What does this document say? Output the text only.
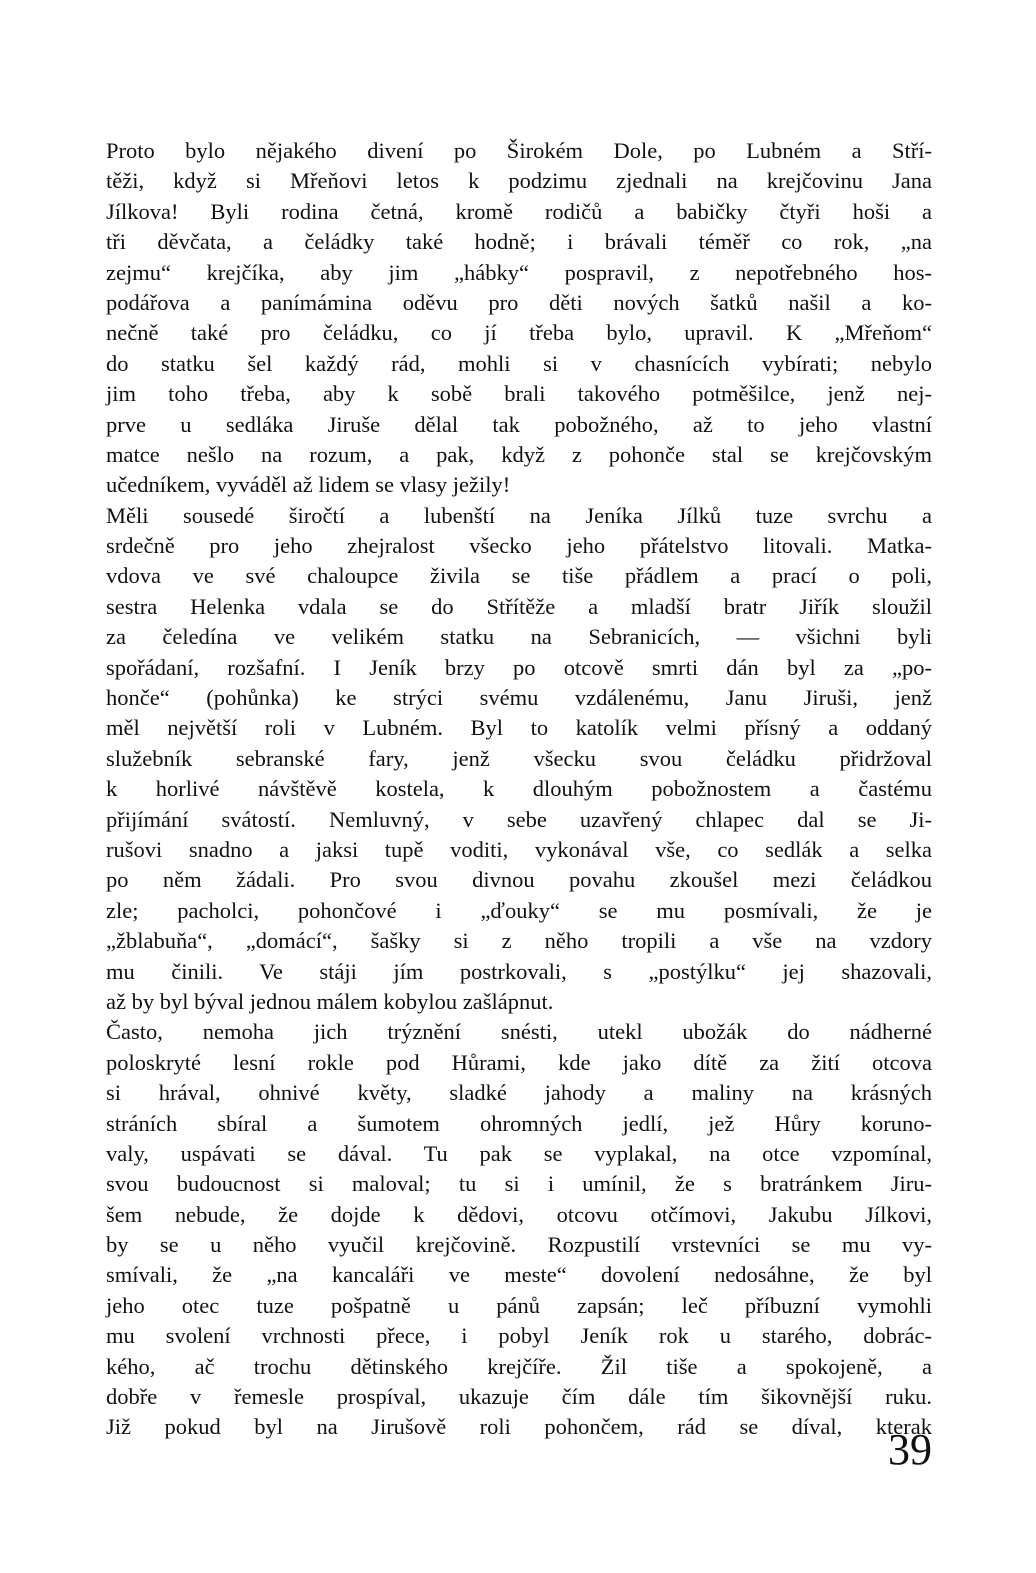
Proto bylo nějakého divení po Širokém Dole, po Lubném a Stří-
těži, když si Mřeňovi letos k podzimu zjednali na krejčovinu Jana
Jílkova! Byli rodina četná, kromě rodičů a babičky čtyři hoši a
tři děvčata, a čeládky také hodně; i brávali téměř co rok, „na
zejmu“ krejčíka, aby jim „hábky“ pospravil, z nepotřebného hos-
podářova a panímámina oděvu pro děti nových šatků našil a ko-
nečně také pro čeládku, co jí třeba bylo, upravil. K „Mřeňom“
do statku šel každý rád, mohli si v chasnících vybírati; nebylo
jim toho třeba, aby k sobě brali takového potměšilce, jenž nej-
prve u sedláka Jiruše dělal tak pobožného, až to jeho vlastní
matce nešlo na rozum, a pak, když z pohonče stal se krejčovským
učedníkem, vyváděl až lidem se vlasy ježily!
Měli sousedé širočtí a lubenští na Jeníka Jílků tuze svrchu a
srdečně pro jeho zhejralost všecko jeho přátelstvo litovali. Matka-
vdova ve své chaloupce živila se tiše přádlem a prací o poli,
sestra Helenka vdala se do Střítěže a mladší bratr Jiřík sloužil
za čeledína ve velikém statku na Sebranicích, — všichni byli
spořádaní, rozšafní. I Jeník brzy po otcově smrti dán byl za „po-
honče“ (pohůnka) ke strýci svému vzdálenému, Janu Jiruši, jenž
měl největší roli v Lubném. Byl to katolík velmi přísný a oddaný
služebník sebranské fary, jenž všecku svou čeládku přidržoval
k horlivé návštěvě kostela, k dlouhým pobožnostem a častému
přijímání svátostí. Nemluvný, v sebe uzavřený chlapec dal se Ji-
rušovi snadno a jaksi tupě voditi, vykonával vše, co sedlák a selka
po něm žádali. Pro svou divnou povahu zkoušel mezi čeládkou
zle; pacholci, pohončové i „ďouky“ se mu posmívali, že je
„žblabuňa“, „domácí“, šašky si z něho tropili a vše na vzdory
mu činili. Ve stáji jím postrkovali, s „postýlku“ jej shazovali,
až by byl býval jednou málem kobylou zašlápnut.
Často, nemoha jich trýznění snésti, utekl ubožák do nádherné
poloskryté lesní rokle pod Hůrami, kde jako dítě za žití otcova
si hrával, ohnivé květy, sladké jahody a maliny na krásných
stráních sbíral a šumotem ohromných jedlí, jež Hůry koruno-
valy, uspávati se dával. Tu pak se vyplakal, na otce vzpomínal,
svou budoucnost si maloval; tu si i umínil, že s bratránkem Jiru-
šem nebude, že dojde k dědovi, otcovu otčímovi, Jakubu Jílkovi,
by se u něho vyučil krejčovině. Rozpustilí vrstevníci se mu vy-
smívali, že „na kancaláři ve meste“ dovolení nedosáhne, že byl
jeho otec tuze pošpatně u pánů zapsán; leč příbuzní vymohli
mu svolení vrchnosti přece, i pobyl Jeník rok u starého, dobrác-
kého, ač trochu dětinského krejčíře. Žil tiše a spokojeně, a
dobře v řemesle prospíval, ukazuje čím dále tím šikovnější ruku.
Již pokud byl na Jirušově roli pohončem, rád se díval, kterak
39
